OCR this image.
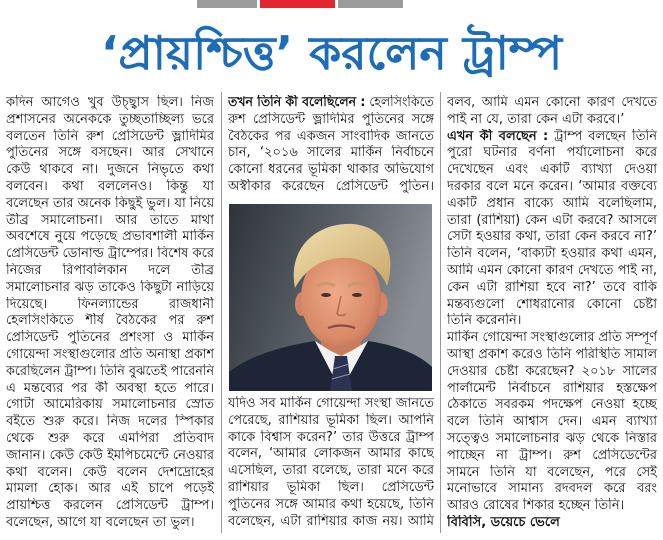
‘প্রায়শ্চিত্ত’ করলেন ট্রাম্প
কদিন আগেও খুব উচ্ছ্বাস ছিল। নিজ
প্রশাসনের অনেককে তুচ্ছতাচ্ছিল্য ভরে
বলতেন তিনি রুশ প্রেসিডেন্ট ভ্লাদিমির
পুতিনের সঙ্গে বসছেন। আর সেখানে
কেউ থাকবে না। দুজনে নিভৃতে কথা
বলবেন। কথা বললেনও। কিন্তু যা
বলেছেন তার অনেক কিছুই ভুল। যা নিয়ে
তীব্র সমালোচনা। আর তাতে মাথা
অবশেষে নুয়ে পড়েছে প্রভাবশালী মার্কিন
প্রেসিডেন্ট ডোনাল্ড ট্রাম্পের। বিশেষ করে
নিজের রিপাবলিকান দলে তীব্র
সমালোচনার ঝড় তাকেও কিছুটা নাড়িয়ে
দিয়েছে। ফিনল্যান্ডের রাজধানী
হেলসিংকিতে শীর্ষ বৈঠকের পর রুশ
প্রেসিডেন্ট পুতিনের প্রশংসা ও মার্কিন
গোয়েন্দা সংস্থাগুলোর প্রতি অনাস্থা প্রকাশ
করেছিলেন ট্রাম্প। তিনি বুঝতেই পারেননি
এ মন্তব্যের পর কী অবস্থা হতে পারে।
গোটা আমেরিকায় সমালোচনার স্রোত
বইতে শুরু করে। নিজ দলের স্পিকার
থেকে শুরু করে এমপিরা প্রতিবাদ
জানান। কেউ কেউ ইমপিচমেন্টে নেওয়ার
কথা বলেন। কেউ বলেন দেশদ্রোহের
মামলা হোক। আর এই চাপে পড়েই
প্রায়শ্চিত্ত করলেন প্রেসিডেন্ট ট্রাম্প।
বলেছেন, আগে যা বলেছেন তা ভুল।
তখন তিনি কী বলেছিলেন : হেলসিংকিতে
রুশ প্রেসিডেন্ট ভ্লাদিমির পুতিনের সঙ্গে
বৈঠকের পর একজন সাংবাদিক জানতে
চান, ‘২০১৬ সালের মার্কিন নির্বাচনে
কোনো ধরনের ভূমিকা থাকার অভিযোগ
অস্বীকার করেছেন প্রেসিডেন্ট পুতিন।
যদিও সব মার্কিন গোয়েন্দা সংস্থা জানতে
পেরেছে, রাশিয়ার ভূমিকা ছিল। আপনি
কাকে বিশ্বাস করেন?’ তার উত্তরে ট্রাম্প
বলেন, ‘আমার লোকজন আমার কাছে
এসেছিল, তারা বলেছে, তারা মনে করে
রাশিয়ার ভূমিকা ছিল। প্রেসিডেন্ট
পুতিনের সঙ্গে আমার কথা হয়েছে, তিনি
বলেছেন, এটা রাশিয়ার কাজ নয়। আমি
বলব, আমি এমন কোনো কারণ দেখতে
পাই না যে, তারা কেন এটা করবে।’
এখন কী বলছেন : ট্রাম্প বলছেন তিনি
পুরো ঘটনার বর্ণনা পর্যালোচনা করে
দেখেছেন এবং একটি ব্যাখ্যা দেওয়া
দরকার বলে মনে করেন। ‘আমার বক্তব্যে
একটি প্রধান বাক্যে আমি বলেছিলাম,
তারা (রাশিয়া) কেন এটা করবে? আসলে
সেটা হওয়ার কথা, তারা কেন করবে না?’
তিনি বলেন, ‘বাক্যটা হওয়ার কথা এমন,
আমি এমন কোনো কারণ দেখতে পাই না,
কেন এটা রাশিয়া হবে না?’ তবে বাকি
মন্তব্যগুলো শোধরানোর কোনো চেষ্টা
তিনি করেননি।
মার্কিন গোয়েন্দা সংস্থাগুলোর প্রতি সম্পূর্ণ
আস্থা প্রকাশ করেও তিনি পরিস্থিতি সামাল
দেওয়ার চেষ্টা করেছেন? ২০১৮ সালের
পার্লামেন্ট নির্বাচনে রাশিয়ার হস্তক্ষেপ
ঠেকাতে সবরকম পদক্ষেপ নেওয়া হচ্ছে
বলে তিনি আশ্বাস দেন। এমন ব্যাখ্যা
সত্ত্বেও সমালোচনার ঝড় থেকে নিস্তার
পাচ্ছেন না ট্রাম্প। রুশ প্রেসিডেন্টের
সামনে তিনি যা বলেছেন, পরে সেই
মনোভাবে সামান্য রদবদল করে বরং
আরও রোষের শিকার হচ্ছেন তিনি।
বিবিসি, ডয়েচে ভেলে
